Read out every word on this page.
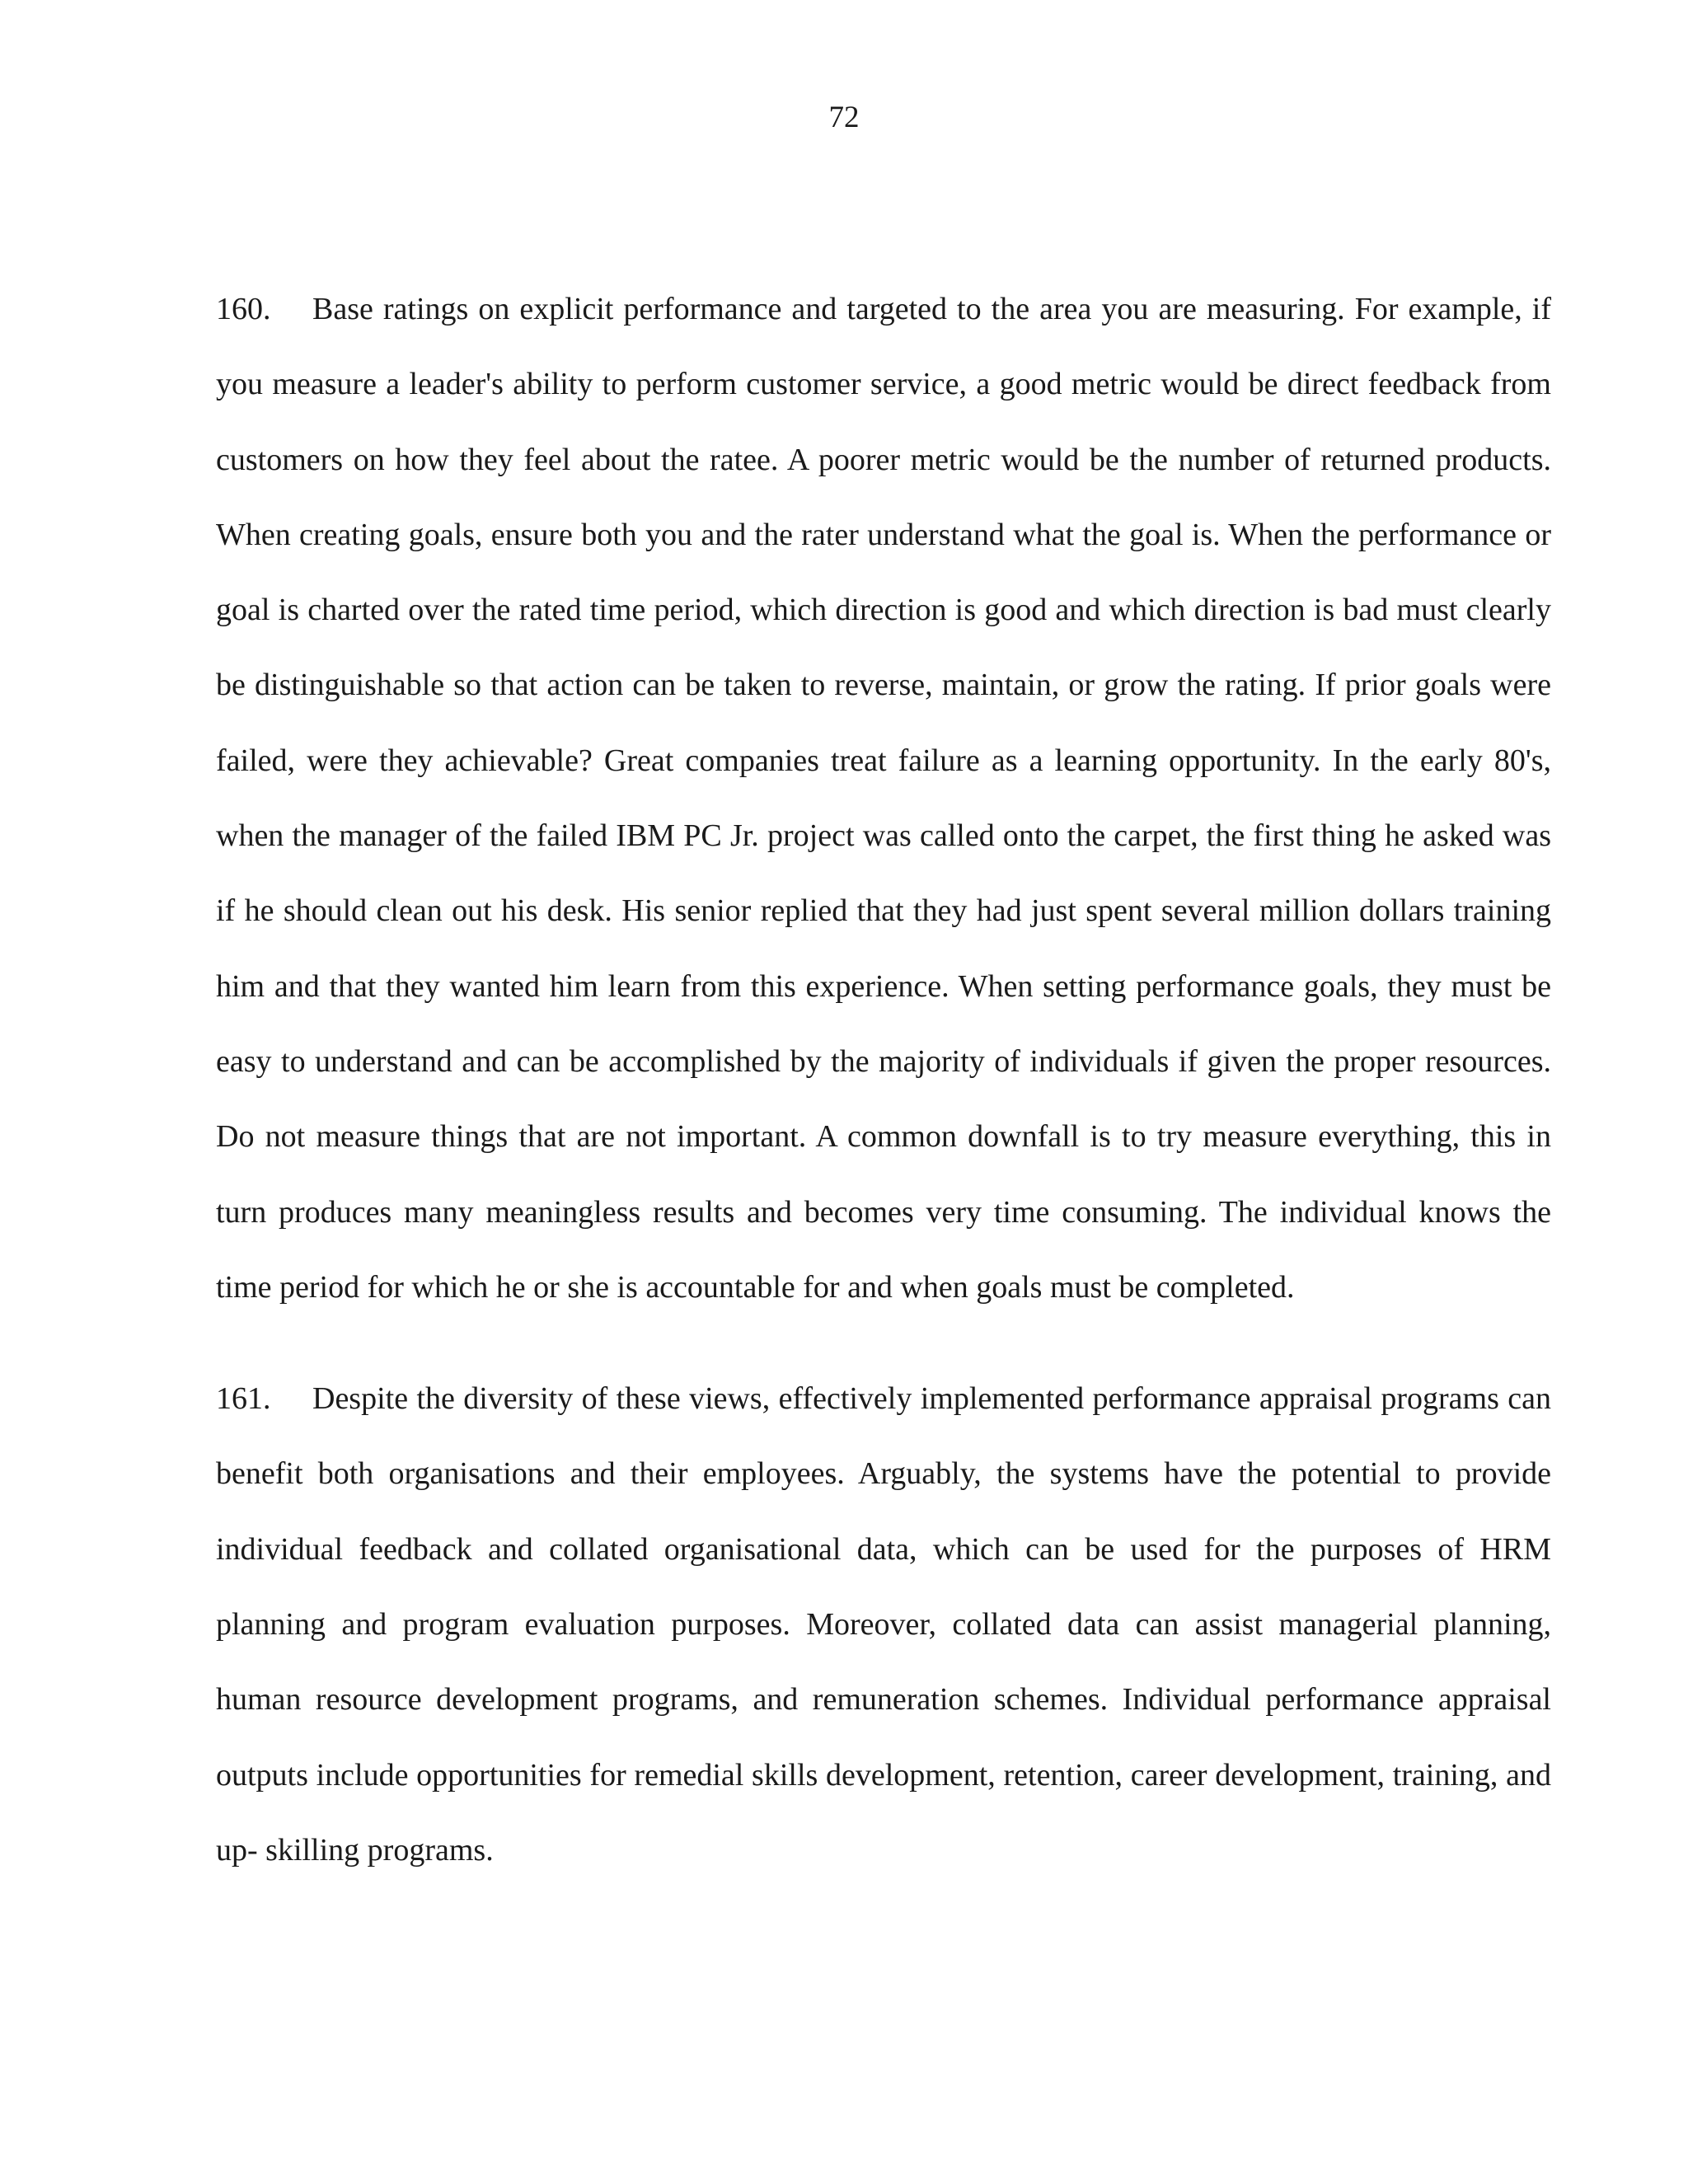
72

160. Base ratings on explicit performance and targeted to the area you are measuring. For example, if you measure a leader's ability to perform customer service, a good metric would be direct feedback from customers on how they feel about the ratee. A poorer metric would be the number of returned products. When creating goals, ensure both you and the rater understand what the goal is. When the performance or goal is charted over the rated time period, which direction is good and which direction is bad must clearly be distinguishable so that action can be taken to reverse, maintain, or grow the rating. If prior goals were failed, were they achievable? Great companies treat failure as a learning opportunity. In the early 80's, when the manager of the failed IBM PC Jr. project was called onto the carpet, the first thing he asked was if he should clean out his desk. His senior replied that they had just spent several million dollars training him and that they wanted him learn from this experience. When setting performance goals, they must be easy to understand and can be accomplished by the majority of individuals if given the proper resources. Do not measure things that are not important. A common downfall is to try measure everything, this in turn produces many meaningless results and becomes very time consuming. The individual knows the time period for which he or she is accountable for and when goals must be completed.

161. Despite the diversity of these views, effectively implemented performance appraisal programs can benefit both organisations and their employees. Arguably, the systems have the potential to provide individual feedback and collated organisational data, which can be used for the purposes of HRM planning and program evaluation purposes. Moreover, collated data can assist managerial planning, human resource development programs, and remuneration schemes. Individual performance appraisal outputs include opportunities for remedial skills development, retention, career development, training, and up- skilling programs.
